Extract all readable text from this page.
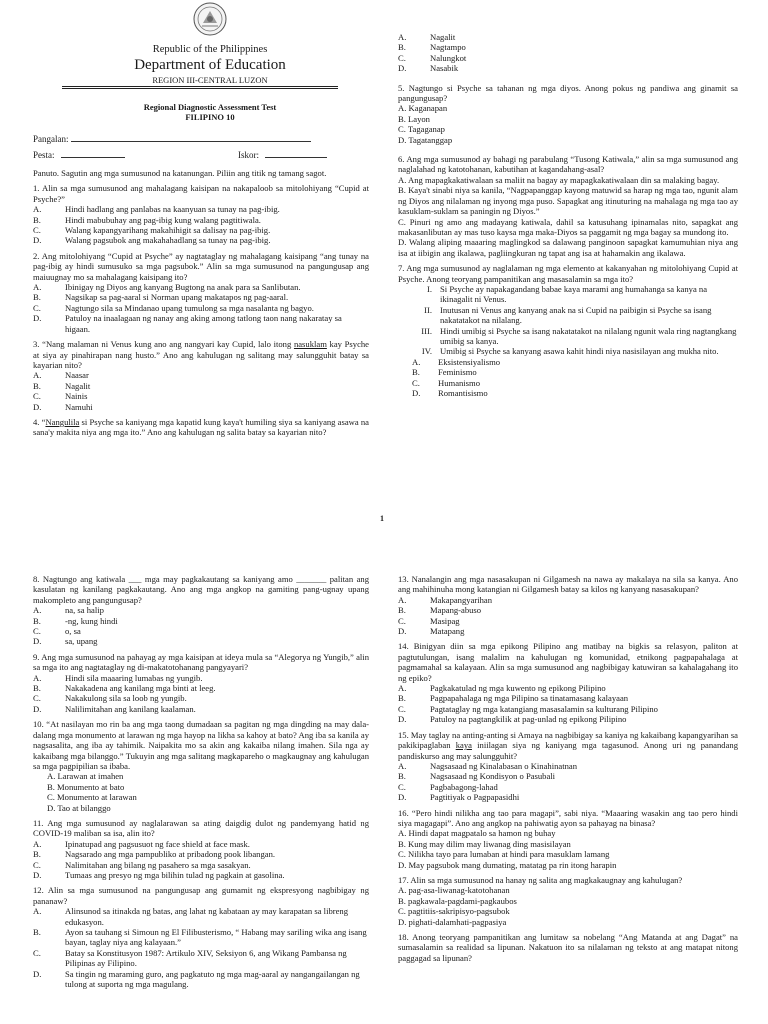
Republic of the Philippines
Department of Education
REGION III-CENTRAL LUZON
Regional Diagnostic Assessment Test
FILIPINO 10
Pangalan:
Pesta:	Iskor:

Panuto. Sagutin ang mga sumusunod na katanungan. Piliin ang titik ng tamang sagot.

1. Alin sa mga sumusunod ang mahalagang kaisipan na nakapaloob sa mitolohiyang “Cupid at Psyche?”

A.	Hindi hadlang ang panlabas na kaanyuan sa tunay na pag-ibig.
B.	Hindi mabubuhay ang pag-ibig kung walang pagtitiwala.
C.	Walang kapangyarihang makahihigit sa dalisay na pag-ibig.
D.	Walang pagsubok ang makahahadlang sa tunay na pag-ibig.

2. Ang mitolohiyang “Cupid at Psyche” ay nagtataglay ng mahalagang kaisipang “ang tunay na pag-ibig ay hindi sumusuko sa mga pagsubok.” Alin sa mga sumusunod na pangungusap ang maiuugnay mo sa mahalagang kaisipang ito?

A.	Ibinigay ng Diyos ang kanyang Bugtong na anak para sa Sanlibutan.
B.	Nagsikap sa pag-aaral si Norman upang makatapos ng pag-aaral.
C.	Nagtungo sila sa Mindanao upang tumulong sa mga nasalanta ng bagyo.
D.	Patuloy na inaalagaan ng nanay ang aking among tatlong taon nang nakaratay sa higaan.

3. “Nang malaman ni Venus kung ano ang nangyari kay Cupid, lalo itong nasuklam kay Psyche at siya ay pinahirapan nang husto.” Ano ang kahulugan ng salitang may salungguhit batay sa kayarian nito?

A.	Naasar
B.	Nagalit
C.	Nainis
D.	Namuhi

4. “Nangulila si Psyche sa kaniyang mga kapatid kung kaya't humiling siya sa kaniyang asawa na sana'y makita niya ang mga ito.” Ano ang kahulugan ng salita batay sa kayarian nito?

A.	Nagalit
B.	Nagtampo
C.	Nalungkot
D.	Nasabik

5. Nagtungo si Psyche sa tahanan ng mga diyos. Anong pokus ng pandiwa ang ginamit sa pangungusap?

A. Kaganapan
B. Layon
C. Tagaganap
D. Tagatanggap

6. Ang mga sumusunod ay bahagi ng parabulang “Tusong Katiwala,” alin sa mga sumusunod ang naglalahad ng katotohanan, kabutihan at kagandahang-asal?

A. Ang mapagkakatiwalaan sa maliit na bagay ay mapagkakatiwalaan din sa malaking bagay.
B. Kaya't sinabi niya sa kanila, “Nagpapanggap kayong matuwid sa harap ng mga tao, ngunit alam ng Diyos ang nilalaman ng inyong mga puso. Sapagkat ang itinuturing na mahalaga ng mga tao ay kasuklam-suklam sa paningin ng Diyos.”
C. Pinuri ng amo ang madayang katiwala, dahil sa katusuhang ipinamalas nito, sapagkat ang makasanlibutan ay mas tuso kaysa mga maka-Diyos sa paggamit ng mga bagay sa mundong ito.
D. Walang aliping maaaring maglingkod sa dalawang panginoon sapagkat kamumuhian niya ang isa at iibigin ang ikalawa, pagliingkuran ng tapat ang isa at hahamakin ang ikalawa.

7. Ang mga sumusunod ay naglalaman ng mga elemento at kakanyahan ng mitolohiyang Cupid at Psyche. Anong teoryang pampanitikan ang masasalamin sa mga ito?

I. Si Psyche ay napakagandang babae kaya marami ang humahanga sa kanya na ikinagalit ni Venus.
II. Inutusan ni Venus ang kanyang anak na si Cupid na paibigin si Psyche sa isang nakatatakot na nilalang.
III. Hindi umibig si Psyche sa isang nakatatakot na nilalang ngunit wala ring nagtangkang umibig sa kanya.
IV. Umibig si Psyche sa kanyang asawa kahit hindi niya nasisilayan ang mukha nito.
A.	Eksistensiyalismo
B.	Feminismo
C.	Humanismo
D.	Romantisismo
1

8. Nagtungo ang katiwala ___ mga may pagkakautang sa kaniyang amo _______ palitan ang kasulatan ng kanilang pagkakautang. Ano ang mga angkop na gamiting pang-ugnay upang makompleto ang pangungusap?

A.	na, sa halip
B.	-ng, kung hindi
C.	o, sa
D.	sa, upang

9. Ang mga sumusunod na pahayag ay mga kaisipan at ideya mula sa “Alegorya ng Yungib,” alin sa mga ito ang nagtataglay ng di-makatotohanang pangyayari?

A.	Hindi sila maaaring lumabas ng yungib.
B.	Nakakadena ang kanilang mga binti at leeg.
C.	Nakakulong sila sa loob ng yungib.
D.	Nalilimitahan ang kanilang kaalaman.

10. “At nasilayan mo rin ba ang mga taong dumadaan sa pagitan ng mga dingding na may dala-dalang mga monumento at larawan ng mga hayop na likha sa kahoy at bato? Ang iba sa kanila ay nagsasalita, ang iba ay tahimik. Naipakita mo sa akin ang kakaiba nilang imahen. Sila nga ay kakaibang mga bilanggo.” Tukuyin ang mga salitang magkapareho o magkaugnay ang kahulugan sa mga pagpipilian sa ibaba.

A. Larawan at imahen
B. Monumento at bato
C. Monumento at larawan
D. Tao at bilanggo

11. Ang mga sumusunod ay naglalarawan sa ating daigdig dulot ng pandemyang hatid ng COVID-19 maliban sa isa, alin ito?

A.	Ipinatupad ang pagsusuot ng face shield at face mask.
B.	Nagsarado ang mga pampubliko at pribadong pook libangan.
C.	Nalimitahan ang bilang ng pasahero sa mga sasakyan.
D.	Tumaas ang presyo ng mga bilihin tulad ng pagkain at gasolina.

12. Alin sa mga sumusunod na pangungusap ang gumamit ng ekspresyong nagbibigay ng pananaw?

A.	Alinsunod sa itinakda ng batas, ang lahat ng kabataan ay may karapatan sa libreng edukasyon.
B.	Ayon sa tauhang si Simoun ng El Filibusterismo, “ Habang may sariling wika ang isang bayan, taglay niya ang kalayaan.”
C.	Batay sa Konstitusyon 1987: Artikulo XIV, Seksiyon 6, ang Wikang Pambansa ng Pilipinas ay Filipino.
D.	Sa tingin ng maraming guro, ang pagkatuto ng mga mag-aaral ay nangangailangan ng tulong at suporta ng mga magulang.

13. Nanalangin ang mga nasasakupan ni Gilgamesh na nawa ay makalaya na sila sa kanya. Ano ang mahihinuha mong katangian ni Gilgamesh batay sa kilos ng kanyang nasasakupan?

A.	Makapangyarihan
B.	Mapang-abuso
C.	Masipag
D.	Matapang

14. Binigyan diin sa mga epikong Pilipino ang matibay na bigkis sa relasyon, paliton at pagtutulungan, isang malalim na kahulugan ng komunidad, etnikong pagpapahalaga at pagmamahal sa kalayaan. Alin sa mga sumusunod ang nagbibigay katuwiran sa kahalagahang ito ng epiko?

A.	Pagkakatulad ng mga kuwento ng epikong Pilipino
B.	Pagpapahalaga ng mga Pilipino sa tinatamasang kalayaan
C.	Pagtataglay ng mga katangiang masasalamin sa kulturang Pilipino
D.	Patuloy na pagtangkilik at pag-unlad ng epikong Pilipino

15. May taglay na anting-anting si Amaya na nagbibigay sa kaniya ng kakaibang kapangyarihan sa pakikipaglaban kaya iniilagan siya ng kaniyang mga tagasunod. Anong uri ng panandang pandiskurso ang may salungguhit?

A.	Nagsasaad ng Kinalabasan o Kinahinatnan
B.	Nagsasaad ng Kondisyon o Pasubali
C.	Pagbabagong-lahad
D.	Pagtitiyak o Pagpapasidhi

16. “Pero hindi nilikha ang tao para magapi”, sabi niya. “Maaaring wasakin ang tao pero hindi siya magagapi”. Ano ang angkop na pahiwatig ayon sa pahayag na binasa?

A. Hindi dapat magpatalo sa hamon ng buhay
B. Kung may dilim may liwanag ding masisilayan
C. Nilikha tayo para lumaban at hindi para masuklam lamang
D. May pagsubok mang dumating, matatag pa rin itong harapin

17. Alin sa mga sumusunod na hanay ng salita ang magkakaugnay ang kahulugan?

A. pag-asa-liwanag-katotohanan
B. pagkawala-pagdami-pagkaubos
C. pagtitiis-sakripisyo-pagsubok
D. pighati-dalamhati-pagpasiya

18. Anong teoryang pampanitikan ang lumitaw sa nobelang “Ang Matanda at ang Dagat” na sumasalamin sa realidad sa lipunan. Nakatuon ito sa nilalaman ng teksto at ang matapat nitong paggagad sa lipunan?
